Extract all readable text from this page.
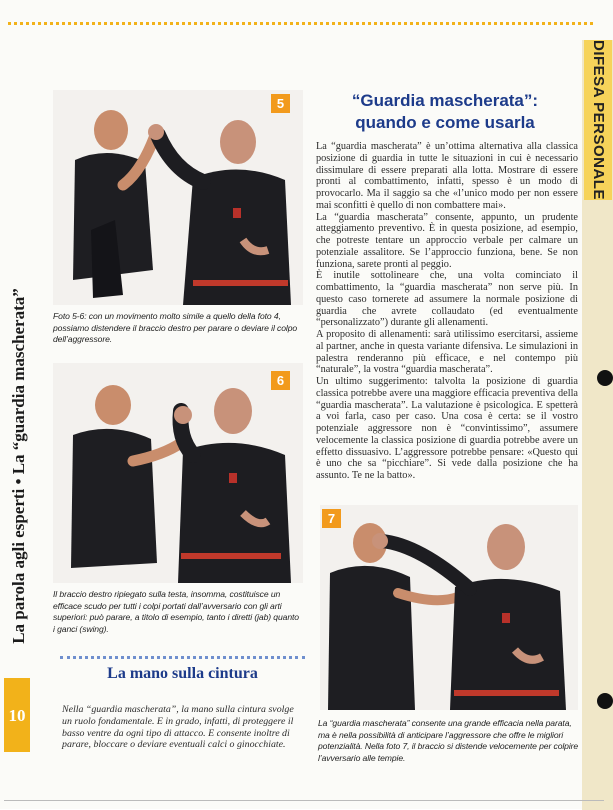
DIFESA PERSONALE
La parola agli esperti • La “guardia mascherata”
10
5
Foto 5-6: con un movimento molto simile a quello della foto 4, possiamo distendere il braccio destro per parare o deviare il colpo dell’aggressore.
6
Il braccio destro ripiegato sulla testa, insomma, costituisce un efficace scudo per tutti i colpi portati dall’avversario con gli arti superiori: può parare, a titolo di esempio, tanto i diretti (jab) quanto i ganci (swing).
7
La “guardia mascherata” consente una grande efficacia nella parata, ma è nella possibilità di anticipare l’aggressore che offre le migliori potenzialità. Nella foto 7, il braccio si distende velocemente per colpire l’avversario alle tempie.
“Guardia mascherata”: quando e come usarla

La “guardia mascherata” è un’ottima alternativa alla classica posizione di guardia in tutte le situazioni in cui è necessario dissimulare di essere preparati alla lotta. Mostrare di essere pronti al combattimento, infatti, spesso è un modo di provocarlo. Ma il saggio sa che «l’unico modo per non essere mai sconfitti è quello di non combattere mai».

La “guardia mascherata” consente, appunto, un prudente atteggiamento preventivo. È in questa posizione, ad esempio, che potreste tentare un approccio verbale per calmare un potenziale assalitore. Se l’approccio funziona, bene. Se non funziona, sarete pronti al peggio.

È inutile sottolineare che, una volta cominciato il combattimento, la “guardia mascherata” non serve più. In questo caso tornerete ad assumere la normale posizione di guardia che avrete collaudato (ed eventualmente “personalizzato”) durante gli allenamenti.

A proposito di allenamenti: sarà utilissimo esercitarsi, assieme al partner, anche in questa variante difensiva. Le simulazioni in palestra renderanno più efficace, e nel contempo più “naturale”, la vostra “guardia mascherata”.

Un ultimo suggerimento: talvolta la posizione di guardia classica potrebbe avere una maggiore efficacia preventiva della “guardia mascherata”. La valutazione è psicologica. E spetterà a voi farla, caso per caso. Una cosa è certa: se il vostro potenziale aggressore non è “convintissimo”, assumere velocemente la classica posizione di guardia potrebbe avere un effetto dissuasivo. L’aggressore potrebbe pensare: «Questo qui è uno che sa “picchiare”. Si vede dalla posizione che ha assunto. Te ne la batto».

La mano sulla cintura
Nella “guardia mascherata”, la mano sulla cintura svolge un ruolo fondamentale. E in grado, infatti, di proteggere il basso ventre da ogni tipo di attacco. E consente inoltre di parare, bloccare o deviare eventuali calci o ginocchiate.
